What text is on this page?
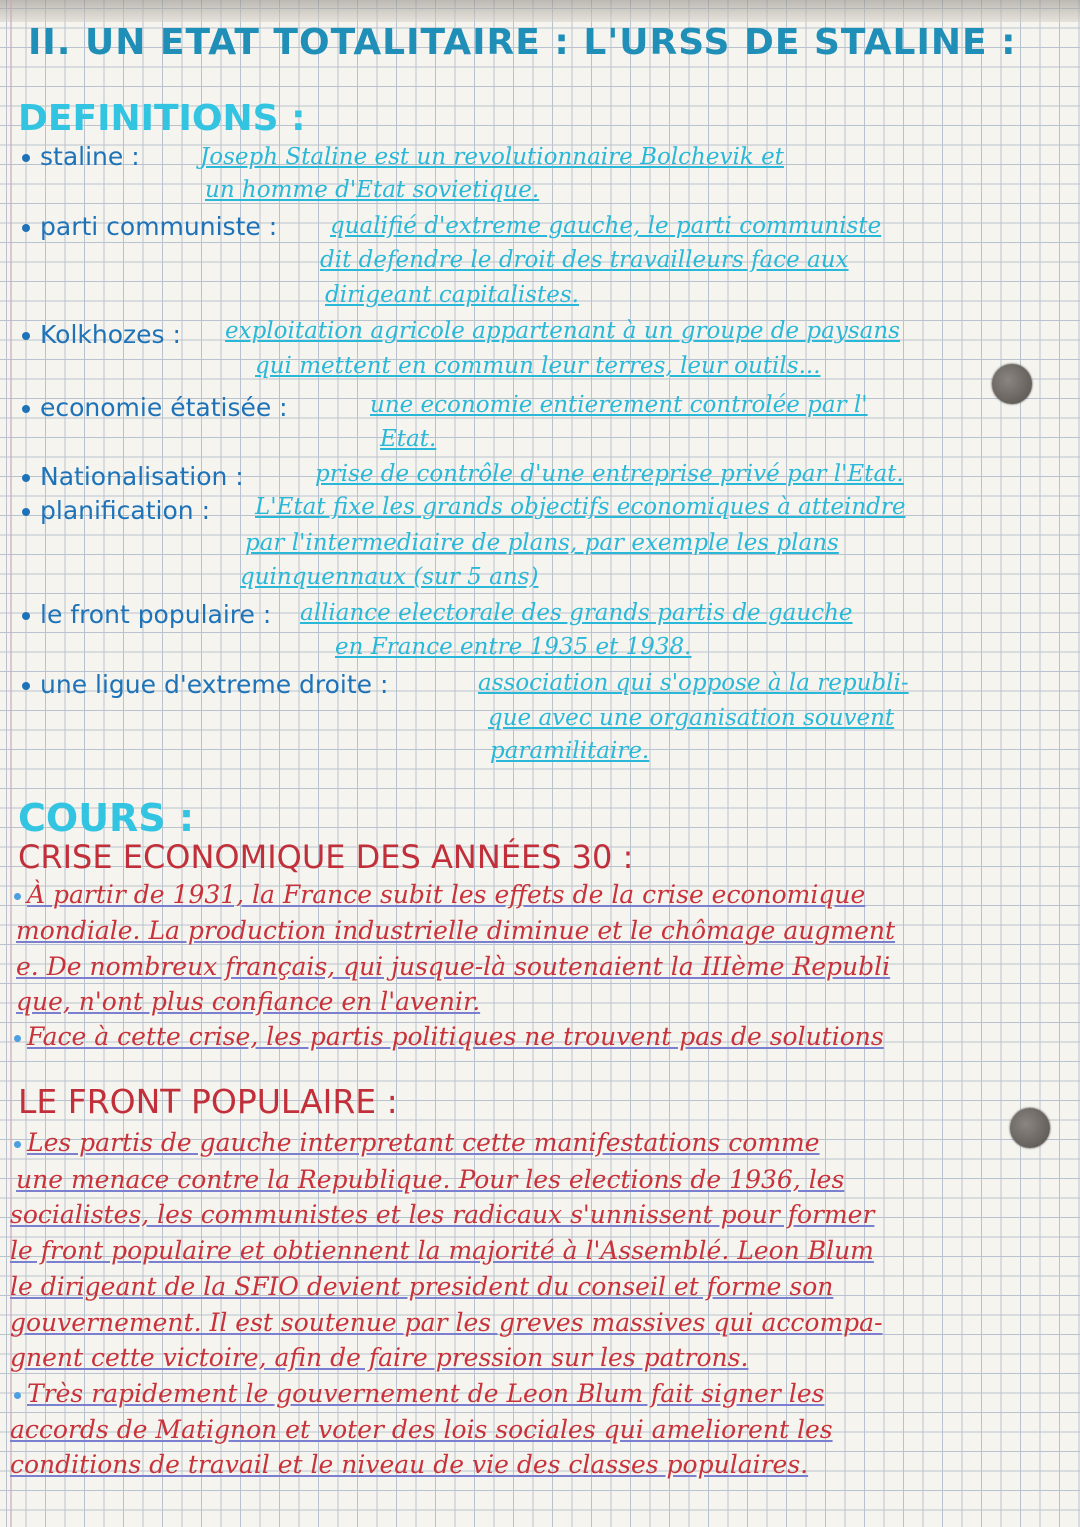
II. UN ETAT TOTALITAIRE : L'URSS DE STALINE :
DEFINITIONS :
staline :	Joseph Staline est un revolutionnaire Bolchevik et
un homme d'Etat sovietique.
parti communiste : qualifié d'extreme gauche, le parti communiste
dit defendre le droit des travailleurs face aux
dirigeant capitalistes.
Kolkhozes : exploitation agricole appartenant à un groupe de paysans
qui mettent en commun leur terres, leur outils...
economie étatisée :	une economie entierement controlée par l'
Etat.
Nationalisation :	prise de contrôle d'une entreprise privé par l'Etat.
planification : L'Etat fixe les grands objectifs economiques à atteindre
par l'intermediaire de plans, par exemple les plans
quinquennaux (sur 5 ans)
le front populaire : alliance electorale des grands partis de gauche
en France entre 1935 et 1938.
une ligue d'extreme droite :	association qui s'oppose à la republi-
que avec une organisation souvent
paramilitaire.
COURS :
CRISE ECONOMIQUE DES ANNÉES 30 :
À partir de 1931, la France subit les effets de la crise economique
mondiale. La production industrielle diminue et le chômage augment
e. De nombreux français, qui jusque-là soutenaient la IIIème Republi
que, n'ont plus confiance en l'avenir.
Face à cette crise, les partis politiques ne trouvent pas de solutions
LE FRONT POPULAIRE :
Les partis de gauche interpretant cette manifestations comme
une menace contre la Republique. Pour les elections de 1936, les
socialistes, les communistes et les radicaux s'unnissent pour former
le front populaire et obtiennent la majorité à l'Assemblé. Leon Blum
le dirigeant de la SFIO devient president du conseil et forme son
gouvernement. Il est soutenue par les greves massives qui accompa-
gnent cette victoire, afin de faire pression sur les patrons.
Très rapidement le gouvernement de Leon Blum fait signer les
accords de Matignon et voter des lois sociales qui ameliorent les
conditions de travail et le niveau de vie des classes populaires.
